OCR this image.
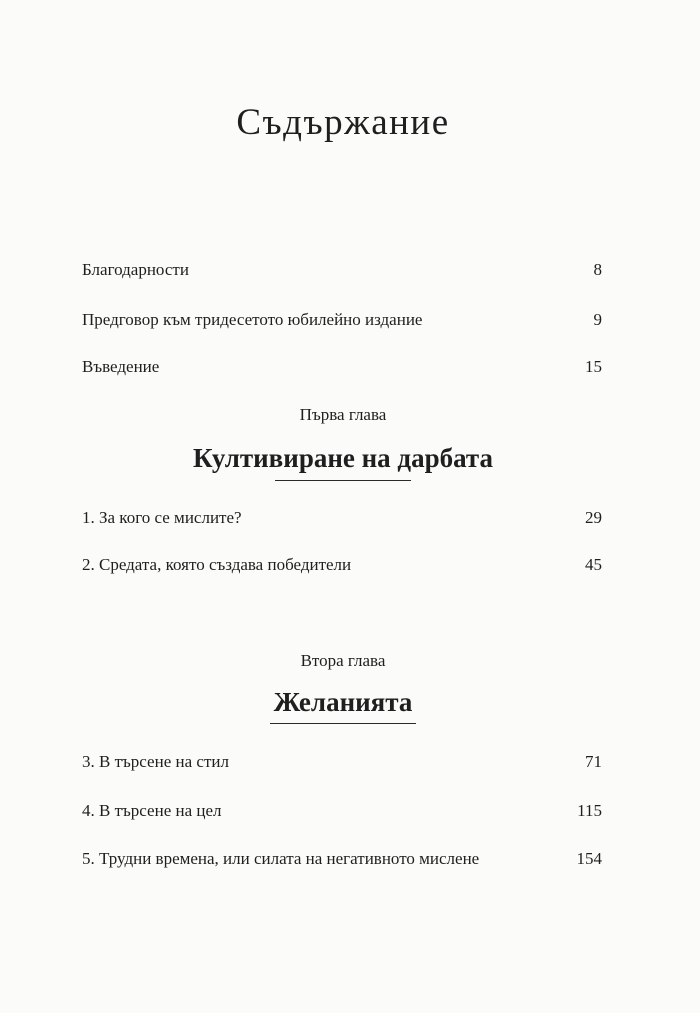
Съдържание
Благодарности	8
Предговор към тридесетото юбилейно издание	9
Въведение	15
Първа глава
Култивиране на дарбата
1. За кого се мислите?	29
2. Средата, която създава победители	45
Втора глава
Желанията
3. В търсене на стил	71
4. В търсене на цел	115
5. Трудни времена, или силата на негативното мислене	154
